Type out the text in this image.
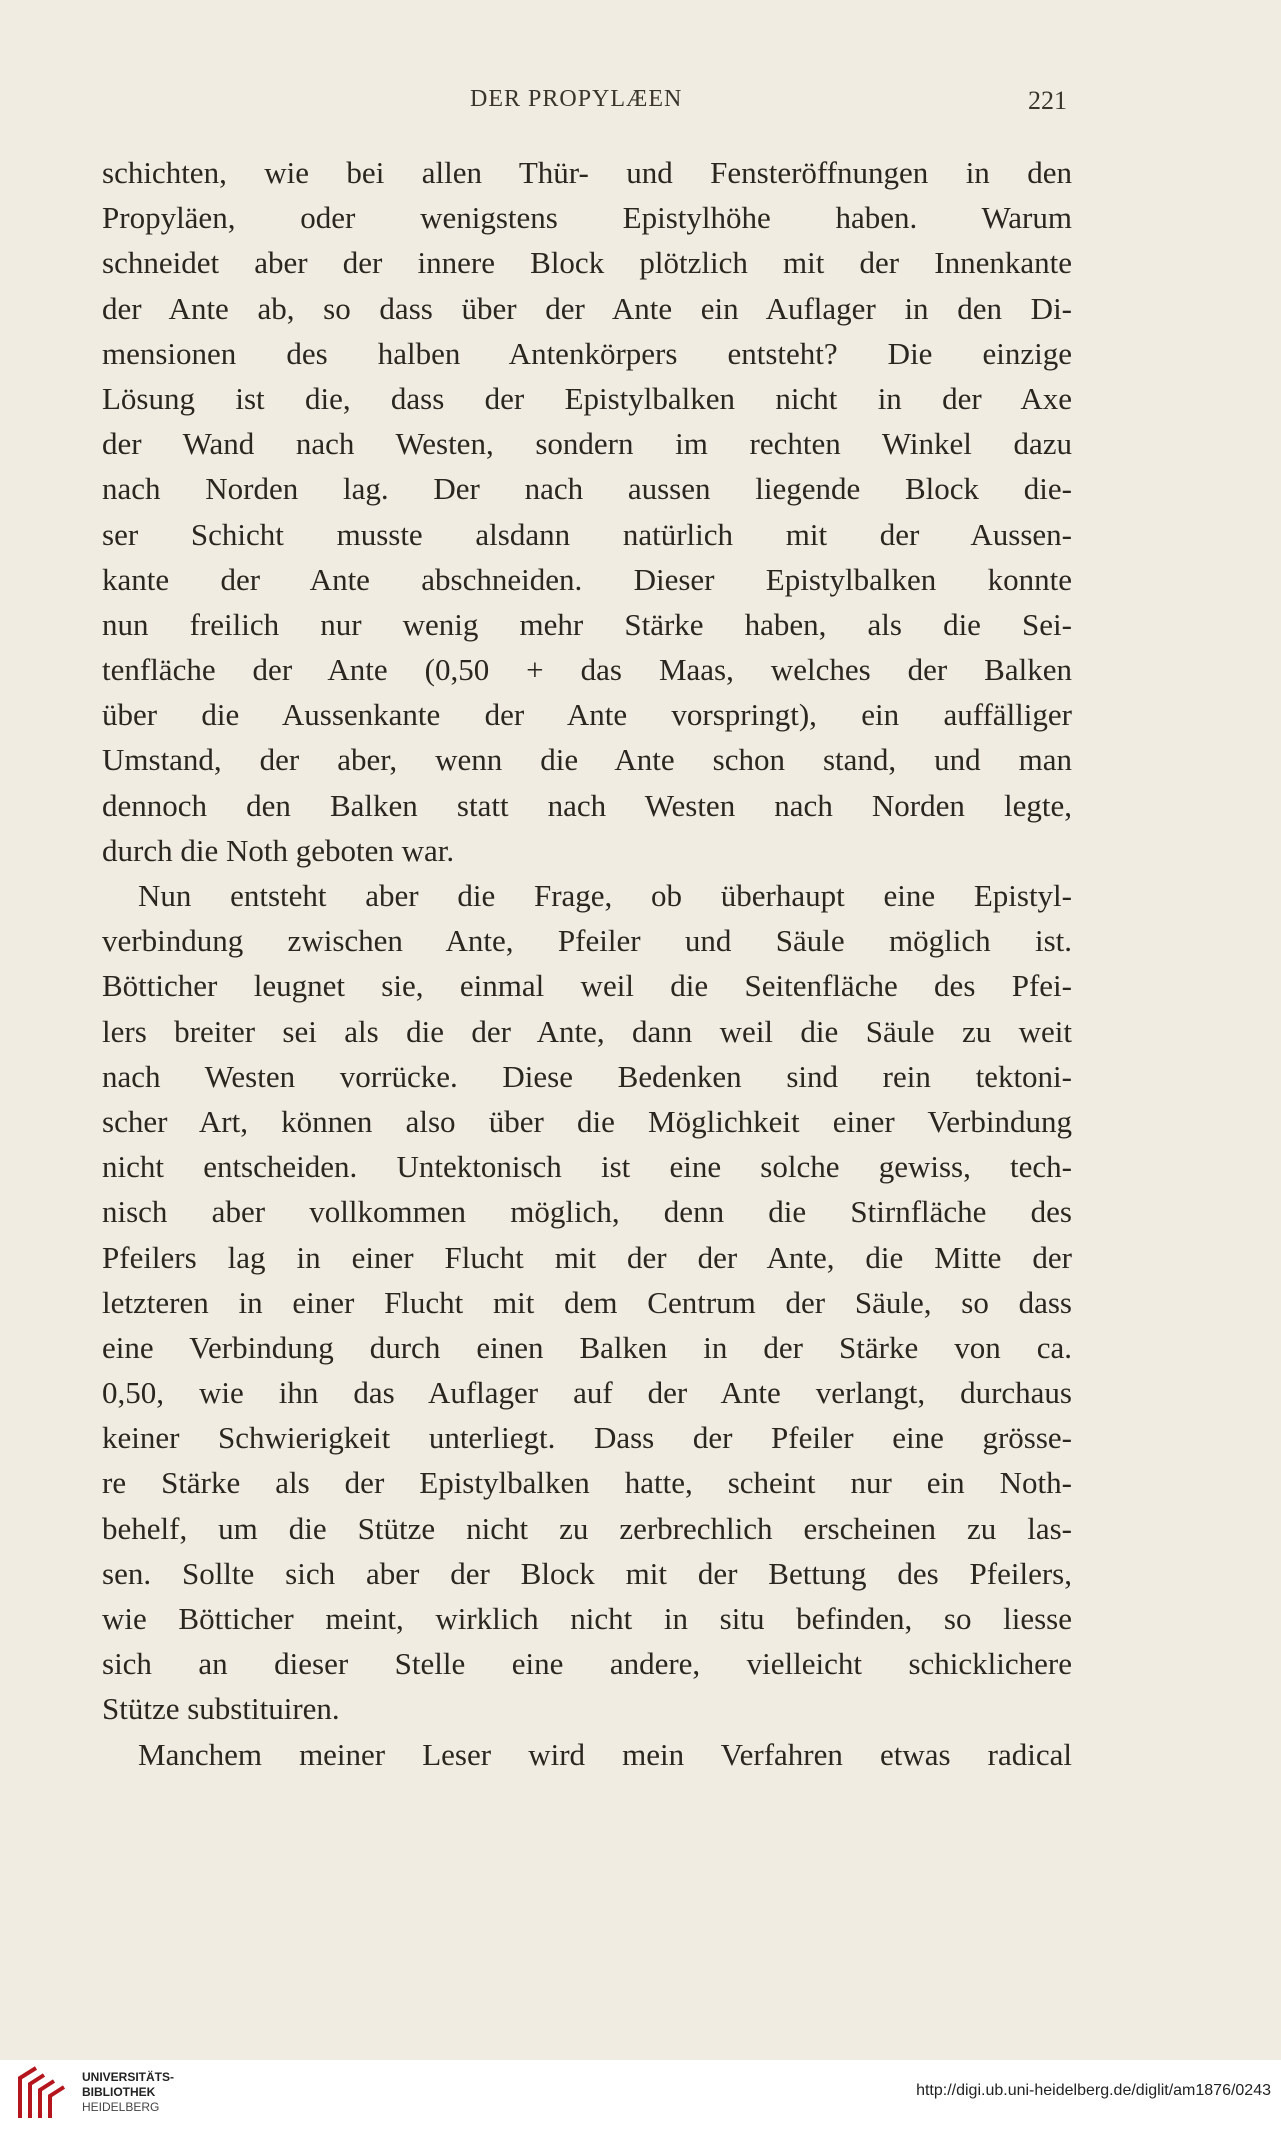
DER PROPYLÆEN	221
schichten, wie bei allen Thür- und Fensteröffnungen in den
Propyläen, oder wenigstens Epistylhöhe haben. Warum
schneidet aber der innere Block plötzlich mit der Innenkante
der Ante ab, so dass über der Ante ein Auflager in den Di-
mensionen des halben Antenkörpers entsteht? Die einzige
Lösung ist die, dass der Epistylbalken nicht in der Axe
der Wand nach Westen, sondern im rechten Winkel dazu
nach Norden lag. Der nach aussen liegende Block die-
ser Schicht musste alsdann natürlich mit der Aussen-
kante der Ante abschneiden. Dieser Epistylbalken konnte
nun freilich nur wenig mehr Stärke haben, als die Sei-
tenfläche der Ante (0,50 + das Maas, welches der Balken
über die Aussenkante der Ante vorspringt), ein auffälliger
Umstand, der aber, wenn die Ante schon stand, und man
dennoch den Balken statt nach Westen nach Norden legte,
durch die Noth geboten war.
Nun entsteht aber die Frage, ob überhaupt eine Epistyl-
verbindung zwischen Ante, Pfeiler und Säule möglich ist.
Bötticher leugnet sie, einmal weil die Seitenfläche des Pfei-
lers breiter sei als die der Ante, dann weil die Säule zu weit
nach Westen vorrücke. Diese Bedenken sind rein tektoni-
scher Art, können also über die Möglichkeit einer Verbindung
nicht entscheiden. Untektonisch ist eine solche gewiss, tech-
nisch aber vollkommen möglich, denn die Stirnfläche des
Pfeilers lag in einer Flucht mit der der Ante, die Mitte der
letzteren in einer Flucht mit dem Centrum der Säule, so dass
eine Verbindung durch einen Balken in der Stärke von ca.
0,50, wie ihn das Auflager auf der Ante verlangt, durchaus
keiner Schwierigkeit unterliegt. Dass der Pfeiler eine grösse-
re Stärke als der Epistylbalken hatte, scheint nur ein Noth-
behelf, um die Stütze nicht zu zerbrechlich erscheinen zu las-
sen. Sollte sich aber der Block mit der Bettung des Pfeilers,
wie Bötticher meint, wirklich nicht in situ befinden, so liesse
sich an dieser Stelle eine andere, vielleicht schicklichere
Stütze substituiren.
Manchem meiner Leser wird mein Verfahren etwas radical
UNIVERSITÄTS-
BIBLIOTHEK
HEIDELBERG
http://digi.ub.uni-heidelberg.de/diglit/am1876/0243
